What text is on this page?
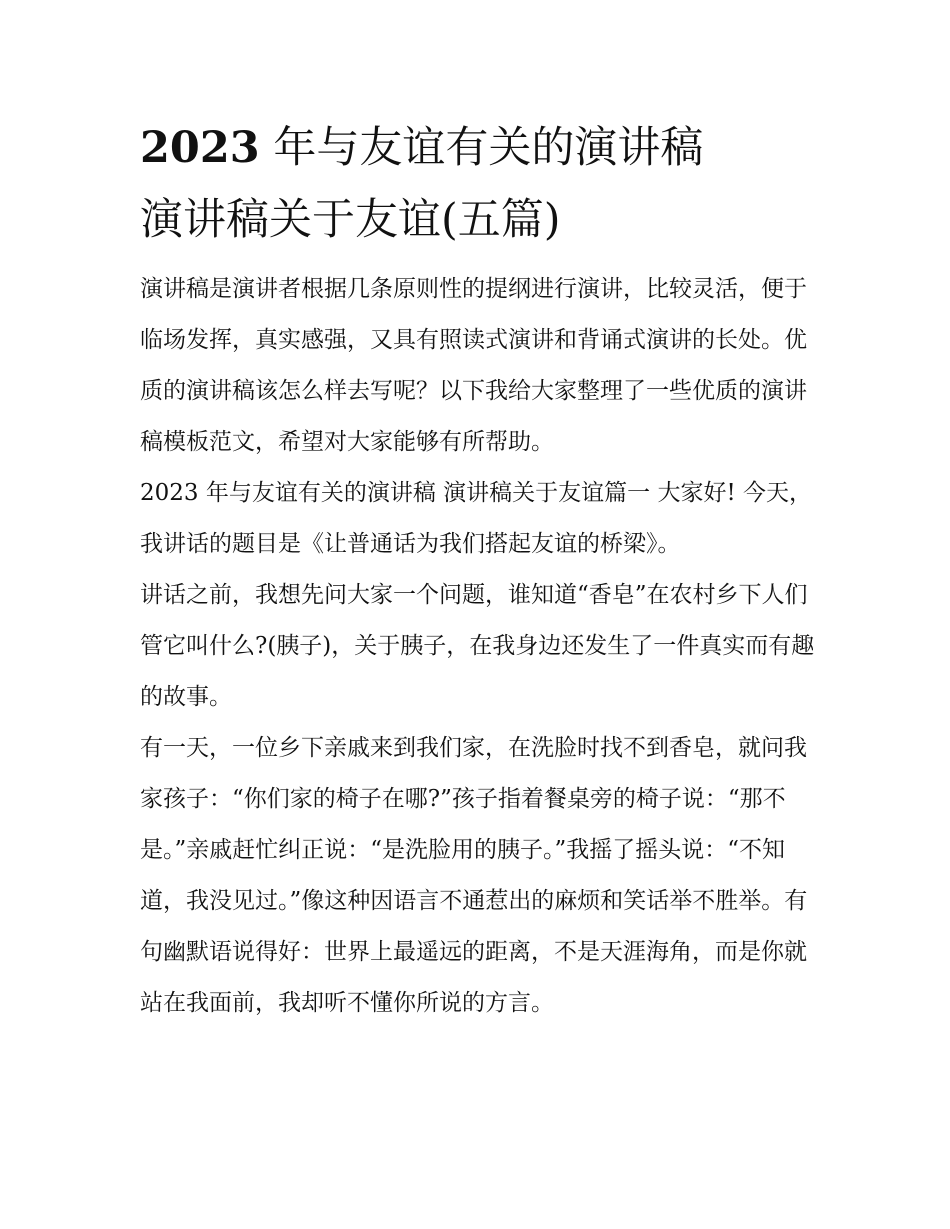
2023 年与友谊有关的演讲稿
演讲稿关于友谊(五篇)

演讲稿是演讲者根据几条原则性的提纲进行演讲，比较灵活，便于临场发挥，真实感强，又具有照读式演讲和背诵式演讲的长处。优质的演讲稿该怎么样去写呢？以下我给大家整理了一些优质的演讲稿模板范文，希望对大家能够有所帮助。

2023 年与友谊有关的演讲稿 演讲稿关于友谊篇一 大家好! 今天，我讲话的题目是《让普通话为我们搭起友谊的桥梁》。

讲话之前，我想先问大家一个问题，谁知道“香皂”在农村乡下人们管它叫什么?(胰子)，关于胰子，在我身边还发生了一件真实而有趣的故事。

有一天，一位乡下亲戚来到我们家，在洗脸时找不到香皂，就问我家孩子：“你们家的椅子在哪?”孩子指着餐桌旁的椅子说：“那不是。”亲戚赶忙纠正说：“是洗脸用的胰子。”我摇了摇头说：“不知道，我没见过。”像这种因语言不通惹出的麻烦和笑话举不胜举。有句幽默语说得好：世界上最遥远的距离，不是天涯海角，而是你就站在我面前，我却听不懂你所说的方言。
